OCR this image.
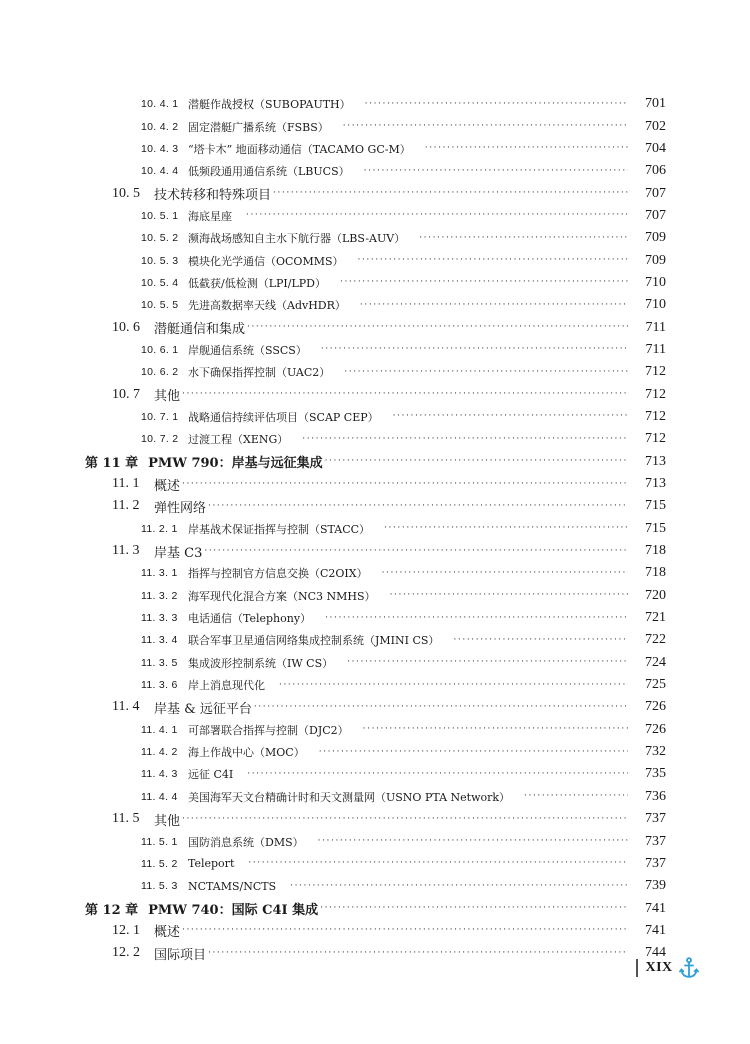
10. 4. 1 潜艇作战授权（SUBOPAUTH） ·····	701
10. 4. 2 固定潜艇广播系统（FSBS） ·····	702
10. 4. 3 “塔卡木” 地面移动通信（TACAMO GC-M） ·····	704
10. 4. 4 低频段通用通信系统（LBUCS） ·····	706
10. 5	技术转移和特殊项目 ·····	707
10. 5. 1 海底星座 ·····	707
10. 5. 2 濒海战场感知自主水下航行器（LBS-AUV） ·····	709
10. 5. 3 模块化光学通信（OCOMMS） ·····	709
10. 5. 4 低截获/低检测（LPI/LPD） ·····	710
10. 5. 5 先进高数据率天线（AdvHDR） ·····	710
10. 6	潜艇通信和集成 ·····	711
10. 6. 1 岸舰通信系统（SSCS） ·····	711
10. 6. 2 水下确保指挥控制（UAC2） ·····	712
10. 7	其他 ·····	712
10. 7. 1 战略通信持续评估项目（SCAP CEP） ·····	712
10. 7. 2 过渡工程（XENG） ·····	712
第 11 章 PMW 790：岸基与远征集成 ·····	713
11. 1	概述 ·····	713
11. 2	弹性网络 ·····	715
11. 2. 1 岸基战术保证指挥与控制（STACC） ·····	715
11. 3	岸基 C3 ·····	718
11. 3. 1 指挥与控制官方信息交换（C2OIX） ·····	718
11. 3. 2 海军现代化混合方案（NC3 NMHS） ·····	720
11. 3. 3 电话通信（Telephony） ·····	721
11. 3. 4 联合军事卫星通信网络集成控制系统（JMINI CS） ·····	722
11. 3. 5 集成波形控制系统（IW CS） ·····	724
11. 3. 6 岸上消息现代化 ·····	725
11. 4	岸基 & 远征平台 ·····	726
11. 4. 1 可部署联合指挥与控制（DJC2） ·····	726
11. 4. 2 海上作战中心（MOC） ·····	732
11. 4. 3 远征 C4I ·····	735
11. 4. 4 美国海军天文台精确计时和天文测量网（USNO PTA Network） ·····	736
11. 5	其他 ·····	737
11. 5. 1 国防消息系统（DMS） ·····	737
11. 5. 2 Teleport ·····	737
11. 5. 3 NCTAMS/NCTS ·····	739
第 12 章 PMW 740：国际 C4I 集成 ·····	741
12. 1	概述 ·····	741
12. 2	国际项目 ·····	744
XIX
